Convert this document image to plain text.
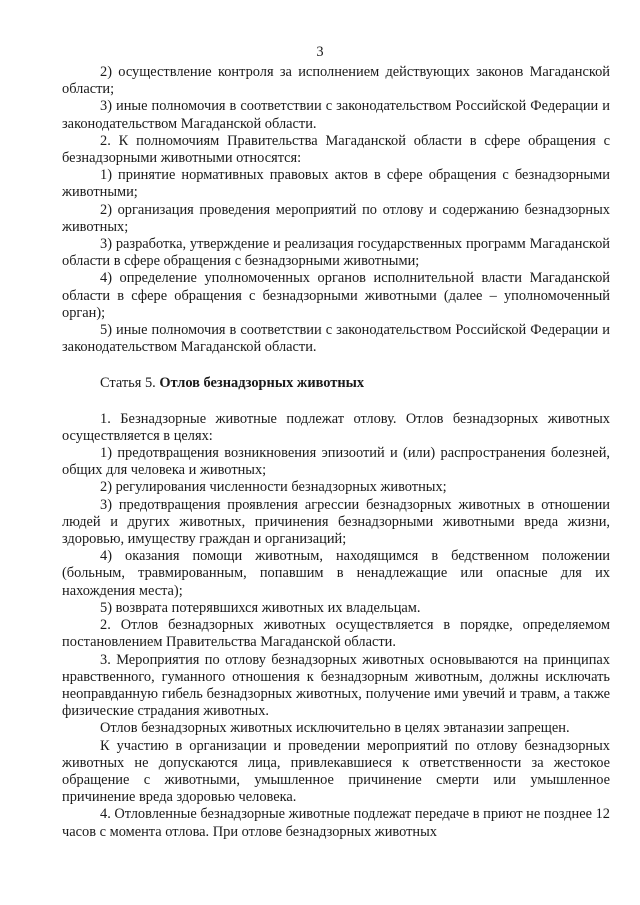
3

2) осуществление контроля за исполнением действующих законов Магаданской области;

3) иные полномочия в соответствии с законодательством Российской Федерации и законодательством Магаданской области.

2. К полномочиям Правительства Магаданской области в сфере обращения с безнадзорными животными относятся:

1) принятие нормативных правовых актов в сфере обращения с безнадзорными животными;

2) организация проведения мероприятий по отлову и содержанию безнадзорных животных;

3) разработка, утверждение и реализация государственных программ Магаданской области в сфере обращения с безнадзорными животными;

4) определение уполномоченных органов исполнительной власти Магаданской области в сфере обращения с безнадзорными животными (далее – уполномоченный орган);

5) иные полномочия в соответствии с законодательством Российской Федерации и законодательством Магаданской области.

Статья 5. Отлов безнадзорных животных

1. Безнадзорные животные подлежат отлову. Отлов безнадзорных животных осуществляется в целях:

1) предотвращения возникновения эпизоотий и (или) распространения болезней, общих для человека и животных;

2) регулирования численности безнадзорных животных;

3) предотвращения проявления агрессии безнадзорных животных в отношении людей и других животных, причинения безнадзорными животными вреда жизни, здоровью, имуществу граждан и организаций;

4) оказания помощи животным, находящимся в бедственном положении (больным, травмированным, попавшим в ненадлежащие или опасные для их нахождения места);

5) возврата потерявшихся животных их владельцам.

2. Отлов безнадзорных животных осуществляется в порядке, определяемом постановлением Правительства Магаданской области.

3. Мероприятия по отлову безнадзорных животных основываются на принципах нравственного, гуманного отношения к безнадзорным животным, должны исключать неоправданную гибель безнадзорных животных, получение ими увечий и травм, а также физические страдания животных.

Отлов безнадзорных животных исключительно в целях эвтаназии запрещен.

К участию в организации и проведении мероприятий по отлову безнадзорных животных не допускаются лица, привлекавшиеся к ответственности за жестокое обращение с животными, умышленное причинение смерти или умышленное причинение вреда здоровью человека.

4. Отловленные безнадзорные животные подлежат передаче в приют не позднее 12 часов с момента отлова. При отлове безнадзорных животных
